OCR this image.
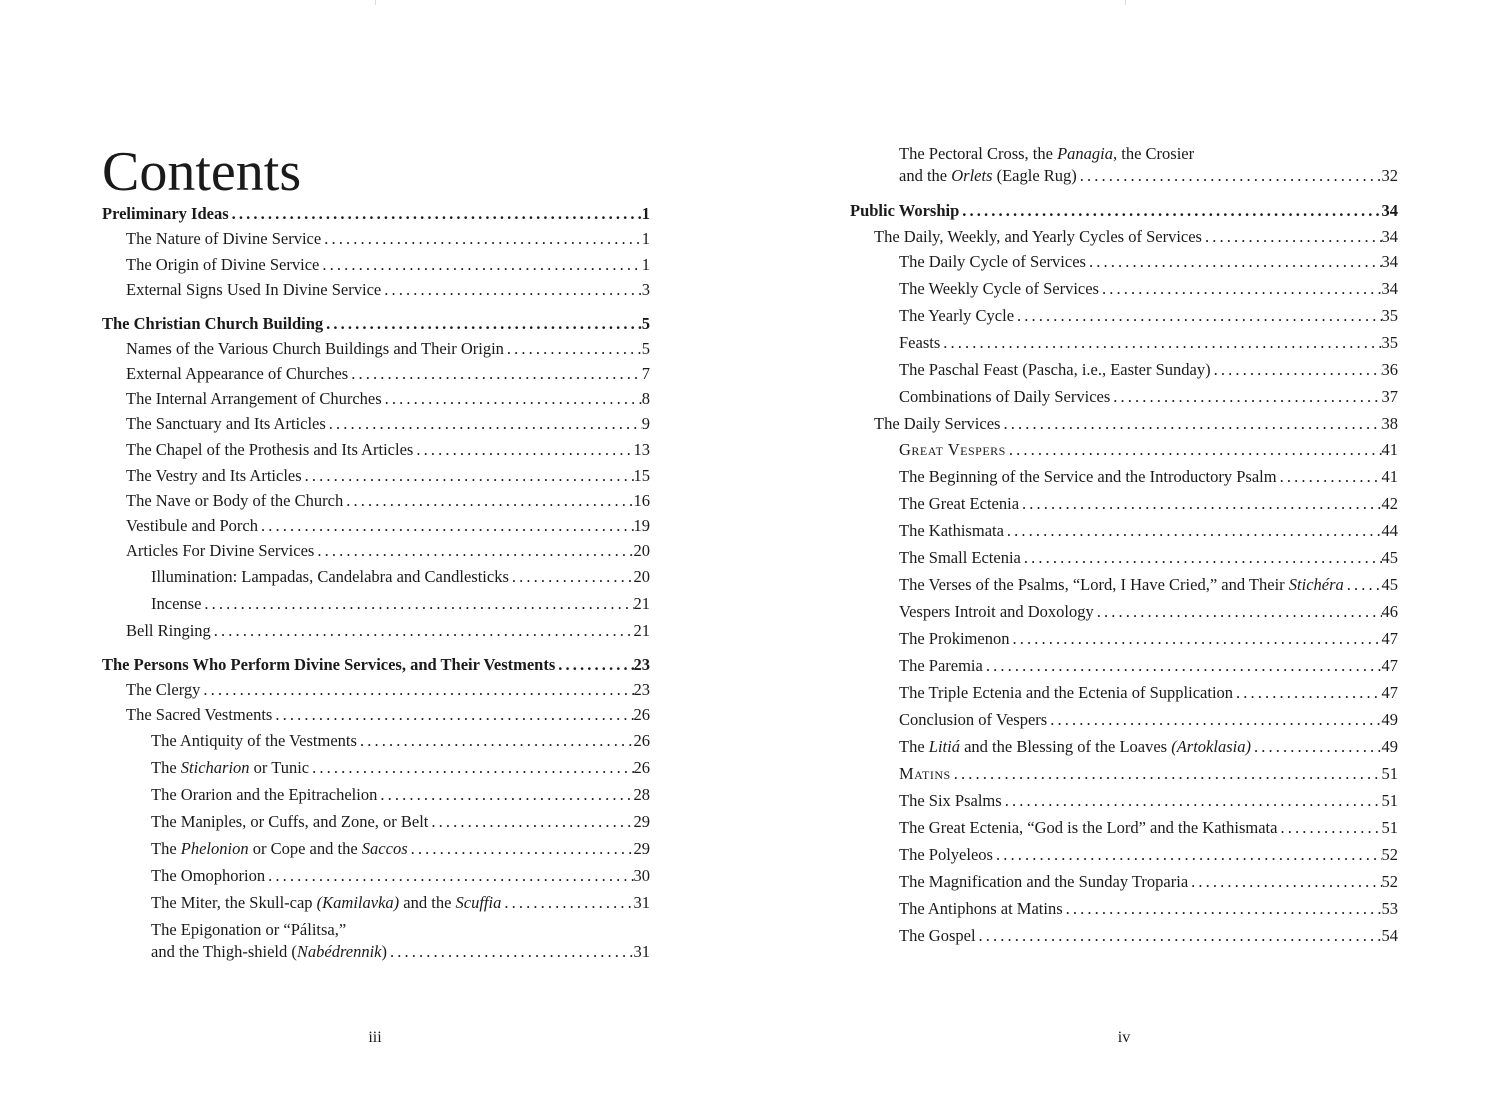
Contents
Preliminary Ideas . . .	1
The Nature of Divine Service . . .	1
The Origin of Divine Service . . .	1
External Signs Used In Divine Service . . .	3
The Christian Church Building . . .	5
Names of the Various Church Buildings and Their Origin . . .	5
External Appearance of Churches . . .	7
The Internal Arrangement of Churches . . .	8
The Sanctuary and Its Articles . . .	9
The Chapel of the Prothesis and Its Articles . . .	13
The Vestry and Its Articles . . .	15
The Nave or Body of the Church . . .	16
Vestibule and Porch . . .	19
Articles For Divine Services . . .	20
Illumination: Lampadas, Candelabra and Candlesticks . . .	20
Incense . . .	21
Bell Ringing . . .	21
The Persons Who Perform Divine Services, and Their Vestments . . .	23
The Clergy . . .	23
The Sacred Vestments . . .	26
The Antiquity of the Vestments . . .	26
The Sticharion or Tunic . . .	26
The Orarion and the Epitrachelion . . .	28
The Maniples, or Cuffs, and Zone, or Belt . . .	29
The Phelonion or Cope and the Saccos . . .	29
The Omophorion . . .	30
The Miter, the Skull-cap (Kamilavka) and the Scuffia . . .	31
The Epigonation or “Pálitsa,”
and the Thigh-shield (Nabédrennik) . . .	31
iii
The Pectoral Cross, the Panagia, the Crosier
and the Orlets (Eagle Rug) . . .	32
Public Worship . . .	34
The Daily, Weekly, and Yearly Cycles of Services . . .	34
The Daily Cycle of Services . . .	34
The Weekly Cycle of Services . . .	34
The Yearly Cycle . . .	35
Feasts . . .	35
The Paschal Feast (Pascha, i.e., Easter Sunday) . . .	36
Combinations of Daily Services . . .	37
The Daily Services . . .	38
Great Vespers . . .	41
The Beginning of the Service and the Introductory Psalm . . .	41
The Great Ectenia . . .	42
The Kathismata . . .	44
The Small Ectenia . . .	45
The Verses of the Psalms, “Lord, I Have Cried,” and Their Stichéra . . . 45
Vespers Introit and Doxology . . .	46
The Prokimenon . . .	47
The Paremia . . .	47
The Triple Ectenia and the Ectenia of Supplication . . .	47
Conclusion of Vespers . . .	49
The Litiá and the Blessing of the Loaves (Artoklasia) . . .	49
Matins . . .	51
The Six Psalms . . .	51
The Great Ectenia, “God is the Lord” and the Kathismata . . .	51
The Polyeleos . . .	52
The Magnification and the Sunday Troparia . . .	52
The Antiphons at Matins . . .	53
The Gospel . . .	54
iv
